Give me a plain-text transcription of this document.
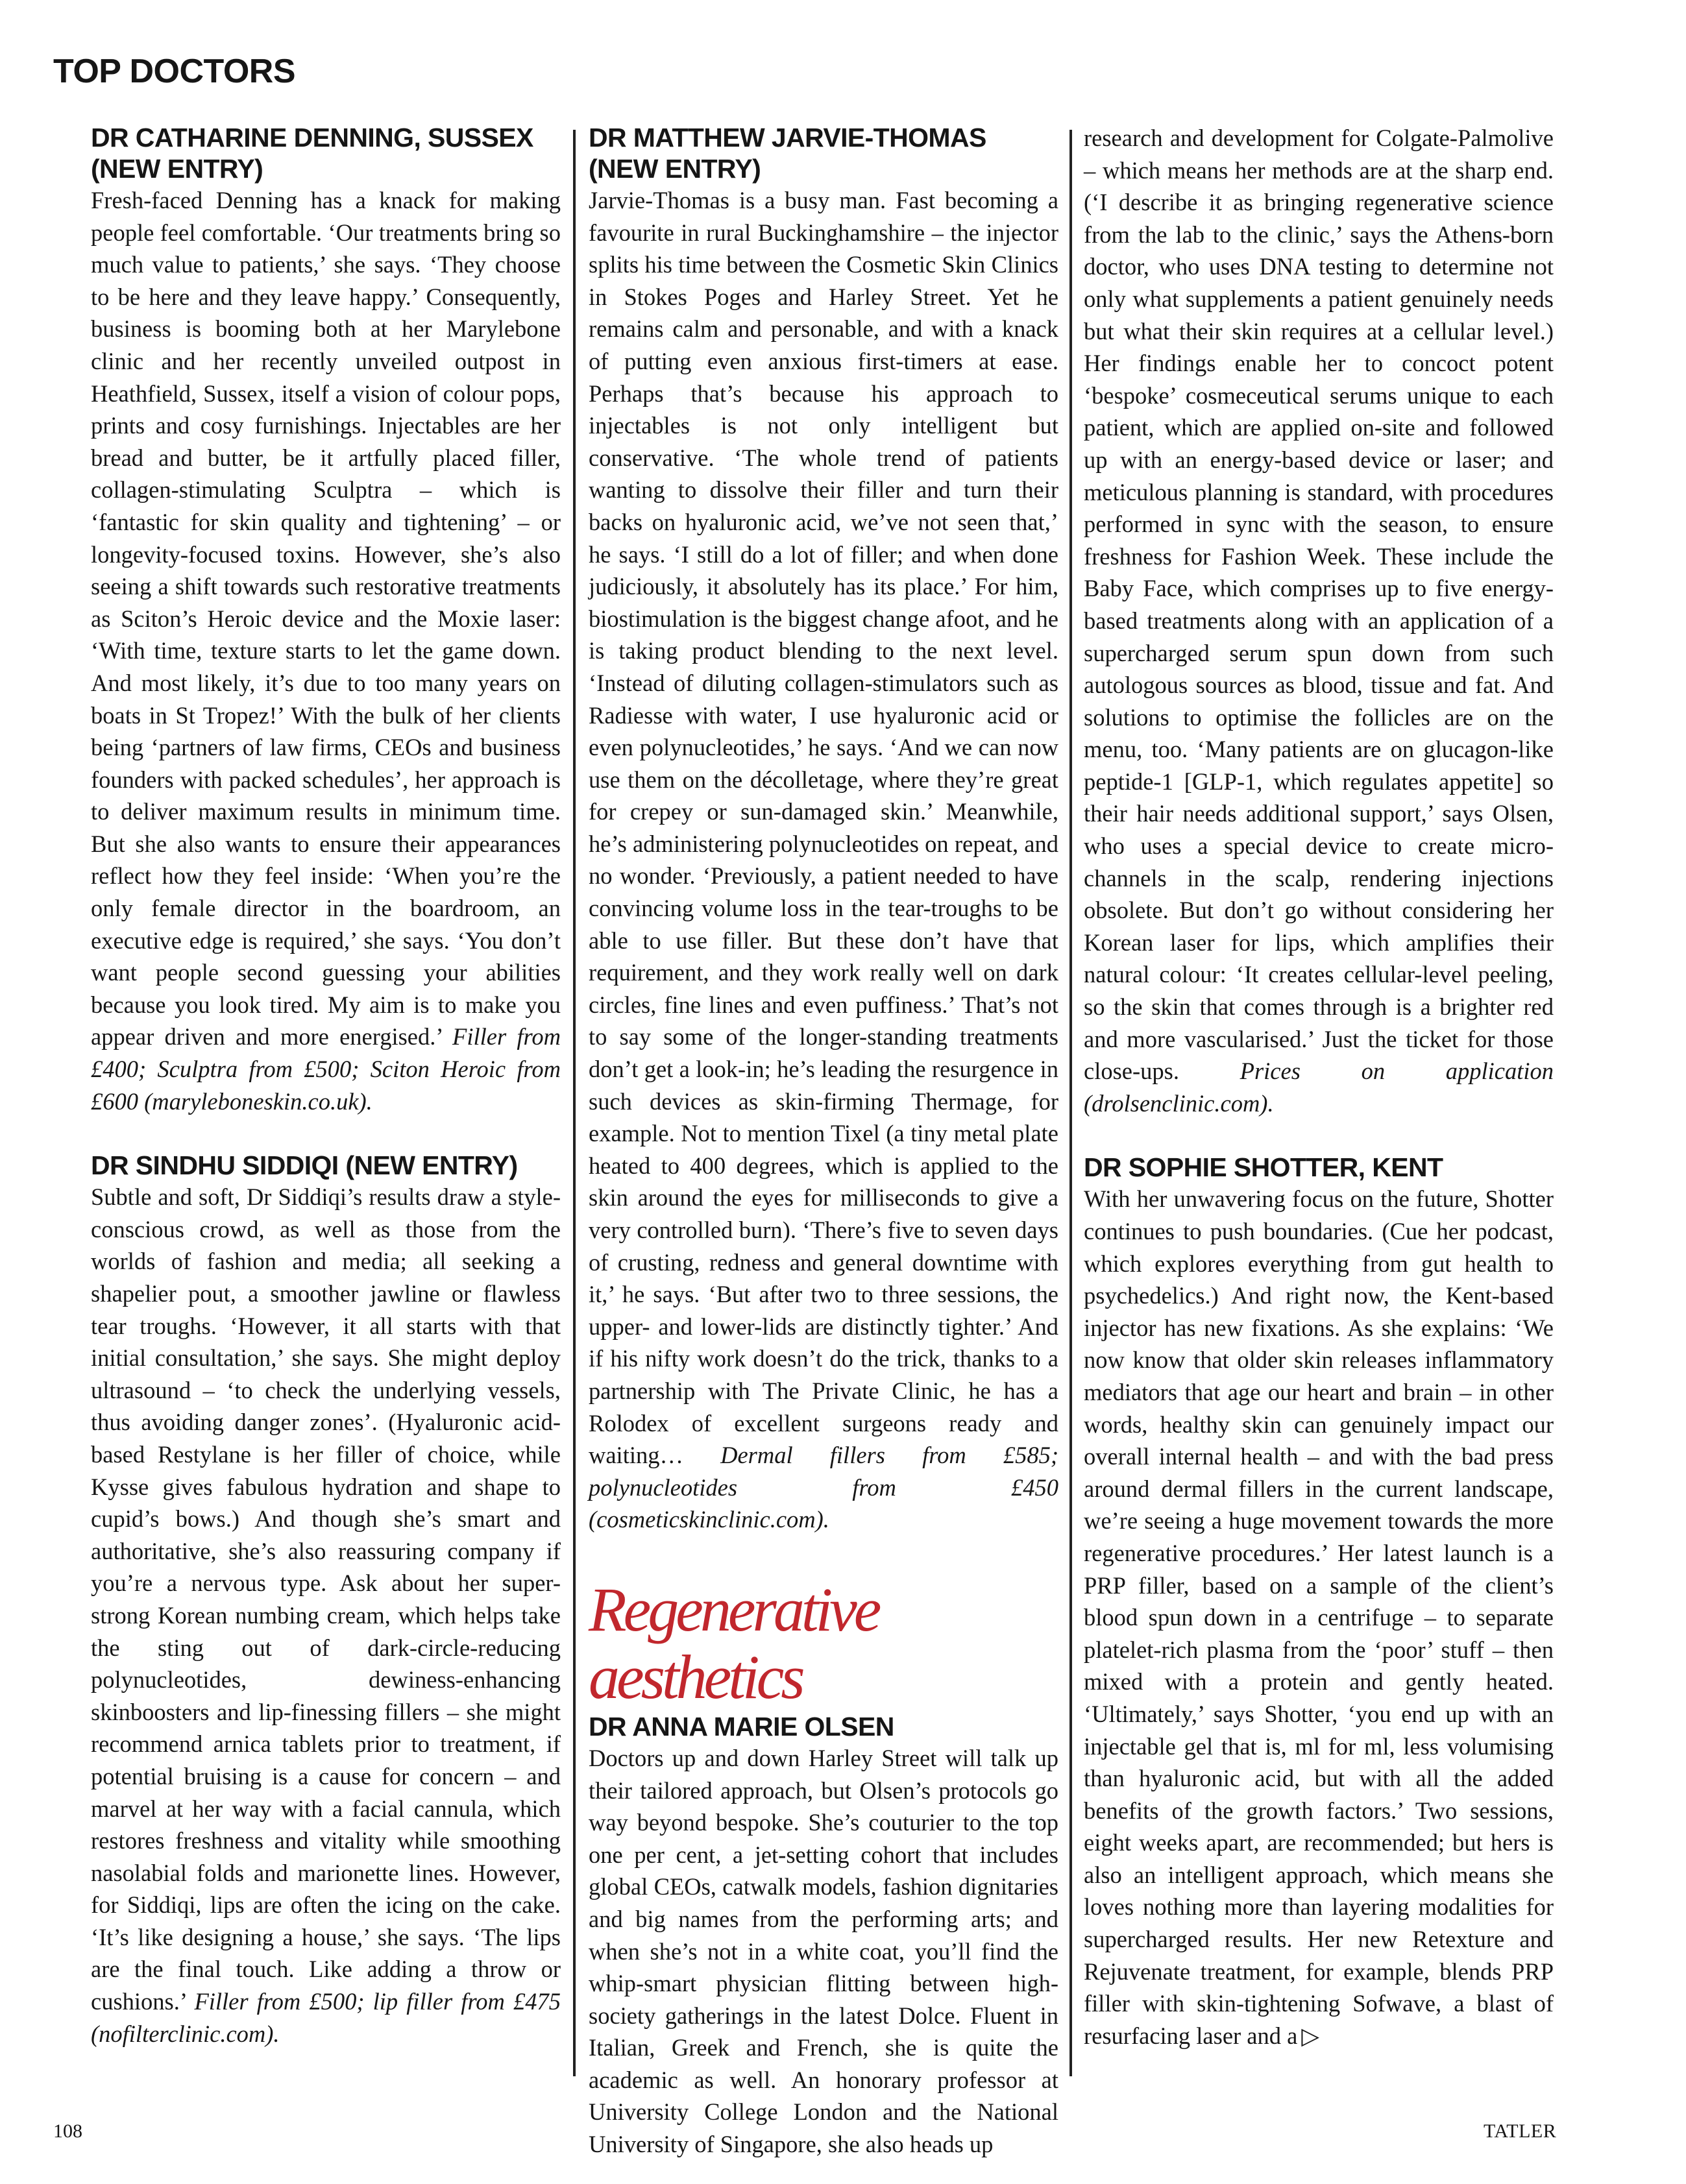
TOP DOCTORS
DR CATHARINE DENNING, SUSSEX
(NEW ENTRY)

Fresh-faced Denning has a knack for making people feel comfortable. ‘Our treatments bring so much value to patients,’ she says. ‘They choose to be here and they leave happy.’ Consequently, business is booming both at her Marylebone clinic and her recently unveiled outpost in Heathfield, Sussex, itself a vision of colour pops, prints and cosy furnishings. Injectables are her bread and butter, be it artfully placed filler, collagen-stimulating Sculptra – which is ‘fantastic for skin quality and tightening’ – or longevity-focused toxins. However, she’s also seeing a shift towards such restorative treatments as Sciton’s Heroic device and the Moxie laser: ‘With time, texture starts to let the game down. And most likely, it’s due to too many years on boats in St Tropez!’ With the bulk of her clients being ‘partners of law firms, CEOs and business founders with packed schedules’, her approach is to deliver maximum results in minimum time. But she also wants to ensure their appearances reflect how they feel inside: ‘When you’re the only female director in the boardroom, an executive edge is required,’ she says. ‘You don’t want people second guessing your abilities because you look tired. My aim is to make you appear driven and more energised.’ Filler from £400; Sculptra from £500; Sciton Heroic from £600 (maryleboneskin.co.uk).

DR SINDHU SIDDIQI (NEW ENTRY)

Subtle and soft, Dr Siddiqi’s results draw a style-conscious crowd, as well as those from the worlds of fashion and media; all seeking a shapelier pout, a smoother jawline or flawless tear troughs. ‘However, it all starts with that initial consultation,’ she says. She might deploy ultrasound – ‘to check the underlying vessels, thus avoiding danger zones’. (Hyaluronic acid-based Restylane is her filler of choice, while Kysse gives fabulous hydration and shape to cupid’s bows.) And though she’s smart and authoritative, she’s also reassuring company if you’re a nervous type. Ask about her super-strong Korean numbing cream, which helps take the sting out of dark-circle-reducing polynucleotides, dewiness-enhancing skinboosters and lip-finessing fillers – she might recommend arnica tablets prior to treatment, if potential bruising is a cause for concern – and marvel at her way with a facial cannula, which restores freshness and vitality while smoothing nasolabial folds and marionette lines. However, for Siddiqi, lips are often the icing on the cake. ‘It’s like designing a house,’ she says. ‘The lips are the final touch. Like adding a throw or cushions.’ Filler from £500; lip filler from £475 (nofilterclinic.com).

DR MATTHEW JARVIE-THOMAS
(NEW ENTRY)

Jarvie-Thomas is a busy man. Fast becoming a favourite in rural Buckinghamshire – the injector splits his time between the Cosmetic Skin Clinics in Stokes Poges and Harley Street. Yet he remains calm and personable, and with a knack of putting even anxious first-timers at ease. Perhaps that’s because his approach to injectables is not only intelligent but conservative. ‘The whole trend of patients wanting to dissolve their filler and turn their backs on hyaluronic acid, we’ve not seen that,’ he says. ‘I still do a lot of filler; and when done judiciously, it absolutely has its place.’ For him, biostimulation is the biggest change afoot, and he is taking product blending to the next level. ‘Instead of diluting collagen-stimulators such as Radiesse with water, I use hyaluronic acid or even polynucleotides,’ he says. ‘And we can now use them on the décolletage, where they’re great for crepey or sun-damaged skin.’ Meanwhile, he’s administering polynucleotides on repeat, and no wonder. ‘Previously, a patient needed to have convincing volume loss in the tear-troughs to be able to use filler. But these don’t have that requirement, and they work really well on dark circles, fine lines and even puffiness.’ That’s not to say some of the longer-standing treatments don’t get a look-in; he’s leading the resurgence in such devices as skin-firming Thermage, for example. Not to mention Tixel (a tiny metal plate heated to 400 degrees, which is applied to the skin around the eyes for milliseconds to give a very controlled burn). ‘There’s five to seven days of crusting, redness and general downtime with it,’ he says. ‘But after two to three sessions, the upper- and lower-lids are distinctly tighter.’ And if his nifty work doesn’t do the trick, thanks to a partnership with The Private Clinic, he has a Rolodex of excellent surgeons ready and waiting… Dermal fillers from £585; polynucleotides from £450 (cosmeticskinclinic.com).

Regenerative aesthetics
DR ANNA MARIE OLSEN

Doctors up and down Harley Street will talk up their tailored approach, but Olsen’s protocols go way beyond bespoke. She’s couturier to the top one per cent, a jet-setting cohort that includes global CEOs, catwalk models, fashion dignitaries and big names from the performing arts; and when she’s not in a white coat, you’ll find the whip-smart physician flitting between high-society gatherings in the latest Dolce. Fluent in Italian, Greek and French, she is quite the academic as well. An honorary professor at University College London and the National University of Singapore, she also heads up

research and development for Colgate-Palmolive – which means her methods are at the sharp end. (‘I describe it as bringing regenerative science from the lab to the clinic,’ says the Athens-born doctor, who uses DNA testing to determine not only what supplements a patient genuinely needs but what their skin requires at a cellular level.) Her findings enable her to concoct potent ‘bespoke’ cosmeceutical serums unique to each patient, which are applied on-site and followed up with an energy-based device or laser; and meticulous planning is standard, with procedures performed in sync with the season, to ensure freshness for Fashion Week. These include the Baby Face, which comprises up to five energy-based treatments along with an application of a supercharged serum spun down from such autologous sources as blood, tissue and fat. And solutions to optimise the follicles are on the menu, too. ‘Many patients are on glucagon-like peptide-1 [GLP-1, which regulates appetite] so their hair needs additional support,’ says Olsen, who uses a special device to create micro-channels in the scalp, rendering injections obsolete. But don’t go without considering her Korean laser for lips, which amplifies their natural colour: ‘It creates cellular-level peeling, so the skin that comes through is a brighter red and more vascularised.’ Just the ticket for those close-ups.	Prices on application (drolsenclinic.com).

DR SOPHIE SHOTTER, KENT

With her unwavering focus on the future, Shotter continues to push boundaries. (Cue her podcast, which explores everything from gut health to psychedelics.) And right now, the Kent-based injector has new fixations. As she explains: ‘We now know that older skin releases inflammatory mediators that age our heart and brain – in other words, healthy skin can genuinely impact our overall internal health – and with the bad press around dermal fillers in the current landscape, we’re seeing a huge movement towards the more regenerative procedures.’ Her latest launch is a PRP filler, based on a sample of the client’s blood spun down in a centrifuge – to separate platelet-rich plasma from the ‘poor’ stuff – then mixed with a protein and gently heated. ‘Ultimately,’ says Shotter, ‘you end up with an injectable gel that is, ml for ml, less volumising than hyaluronic acid, but with all the added benefits of the growth factors.’ Two sessions, eight weeks apart, are recommended; but hers is also an intelligent approach, which means she loves nothing more than layering modalities for supercharged results. Her new Retexture and Rejuvenate treatment, for example, blends PRP filler with skin-tightening Sofwave, a blast of resurfacing laser and a ▷

108	TATLER
